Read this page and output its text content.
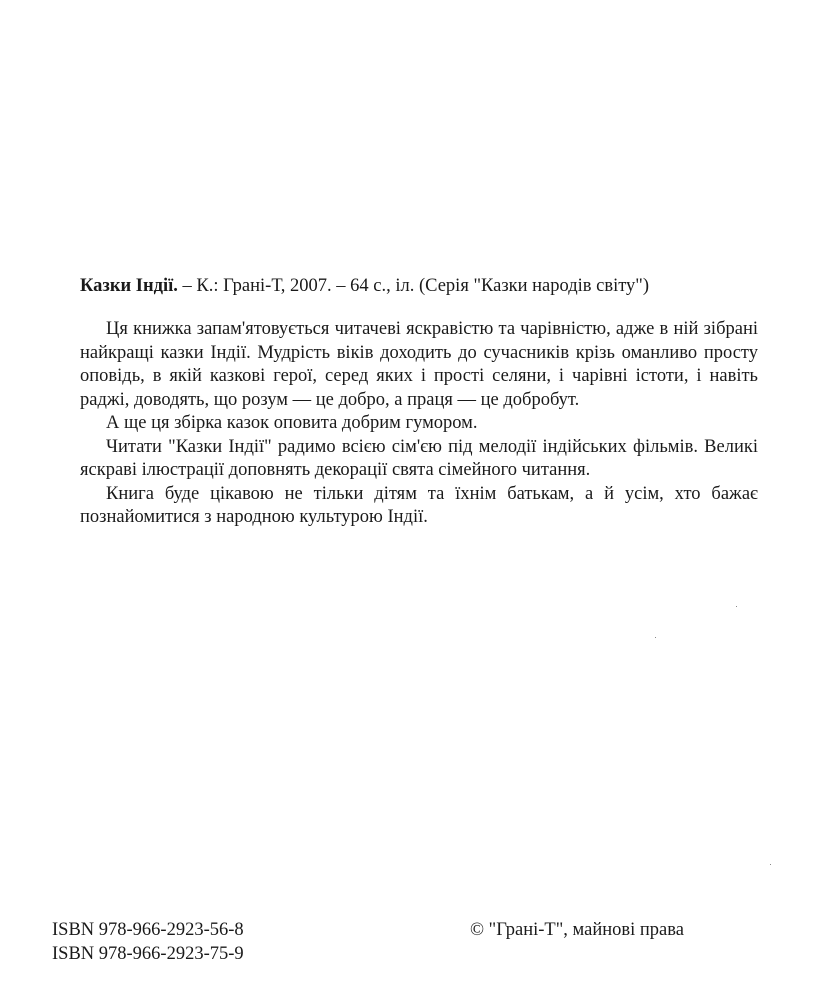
Казки Індії. – К.: Грані-Т, 2007. – 64 с., іл. (Серія "Казки народів світу")

Ця книжка запам'ятовується читачеві яскравістю та чарівністю, адже в ній зібрані найкращі казки Індії. Мудрість віків доходить до сучасників крізь оманливо просту оповідь, в якій казкові герої, серед яких і прості селяни, і чарівні істоти, і навіть раджі, доводять, що розум — це добро, а праця — це добробут.

А ще ця збірка казок оповита добрим гумором.

Читати "Казки Індії" радимо всією сім'єю під мелодії індійських фільмів. Великі яскраві ілюстрації доповнять декорації свята сімейного читання.

Книга буде цікавою не тільки дітям та їхнім батькам, а й усім, хто бажає познайомитися з народною культурою Індії.

ISBN 978-966-2923-56-8
ISBN 978-966-2923-75-9
© "Грані-Т", майнові права
